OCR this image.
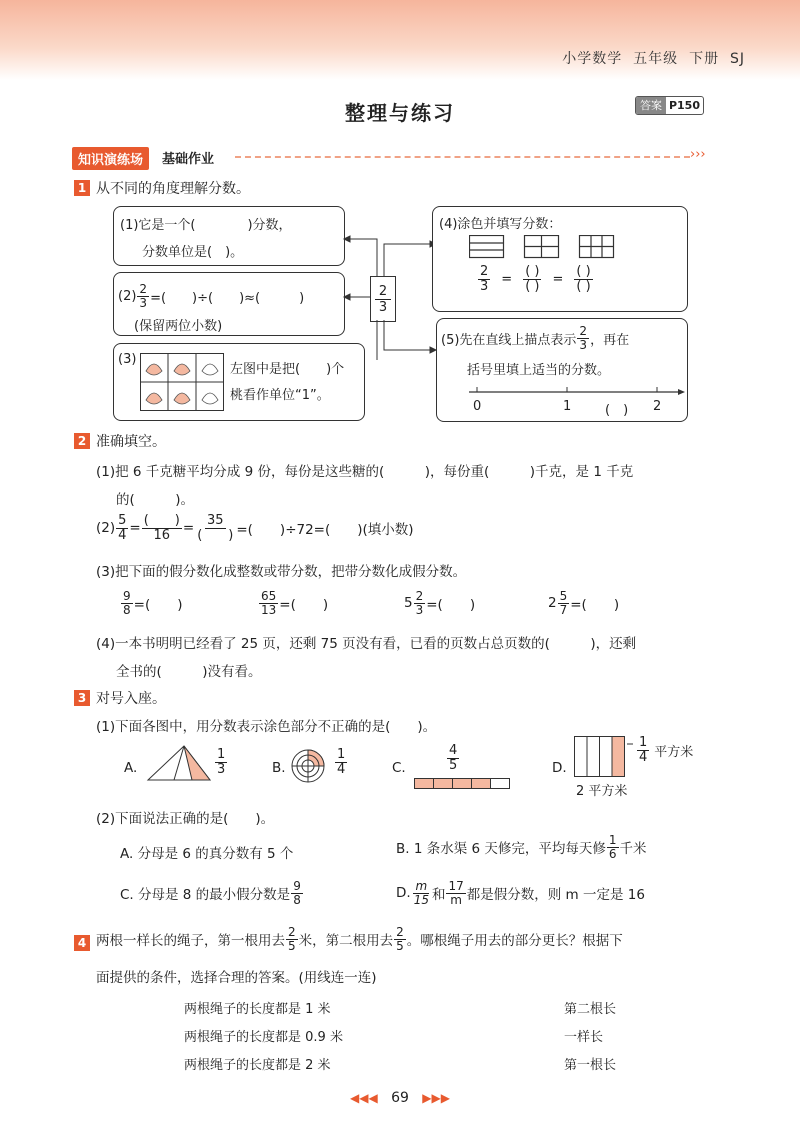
小学数学 五年级 下册 SJ
整理与练习	答案 P150
知识演练场	基础作业	›››
1 从不同的角度理解分数。
(1)它是一个(　　　　)分数，
分数单位是(　)。
$(2) \frac{2}{3}$ =(　　)÷(　　)≈(　　　)
(保留两位小数)
(3)
左图中是把(　　)个
桃看作单位“1”。
2
3
(4)涂色并填写分数：
$\frac{2}{3} = \frac{( )}{( )} = \frac{( )}{( )}$
(5)先在直线上描点表示 $\frac{2}{3}$ ，再在
括号里填上适当的分数。
0	1	(　) 2
2 准确填空。
(1)把 6 千克糖平均分成 9 份，每份是这些糖的(　　　)，每份重(　　　)千克，是 1 千克
的(　　　)。
$(2) \frac{5}{4} = \frac{( )}{16} = \frac{35}{( )}$ =(　　)÷72=(　　)(填小数)
(3)把下面的假分数化成整数或带分数，把带分数化成假分数。
$\frac{9}{8}$ =(　　)	$\frac{65}{13}$ =(　　)	$5 \frac{2}{3}$ =(　　)	$2 \frac{5}{7}$ =(　　)
(4)一本书明明已经看了 25 页，还剩 75 页没有看，已看的页数占总页数的(　　　)，还剩
全书的(　　　)没有看。
3 对号入座。
(1)下面各图中，用分数表示涂色部分不正确的是(　　)。
A.	$\frac{1}{3}$	B.	$\frac{1}{4}$	C.	$\frac{4}{5}$	D.
$\frac{1}{4}$ 平方米
2 平方米
(2)下面说法正确的是(　　)。
A. 分母是 6 的真分数有 5 个	B. 1 条水渠 6 天修完，平均每天修 $\frac{1}{6}$ 千米
C. 分母是 8 的最小假分数是 $\frac{9}{8}$	D. $\frac{m}{15}$ 和 $\frac{17}{m}$ 都是假分数，则 m 一定是 16
4 两根一样长的绳子，第一根用去 $\frac{2}{5}$ 米，第二根用去 $\frac{2}{5}$ 。哪根绳子用去的部分更长？根据下
面提供的条件，选择合理的答案。(用线连一连)
两根绳子的长度都是 1 米
两根绳子的长度都是 0.9 米
两根绳子的长度都是 2 米
第二根长
一样长
第一根长
◀◀◀ 69 ▶▶▶
